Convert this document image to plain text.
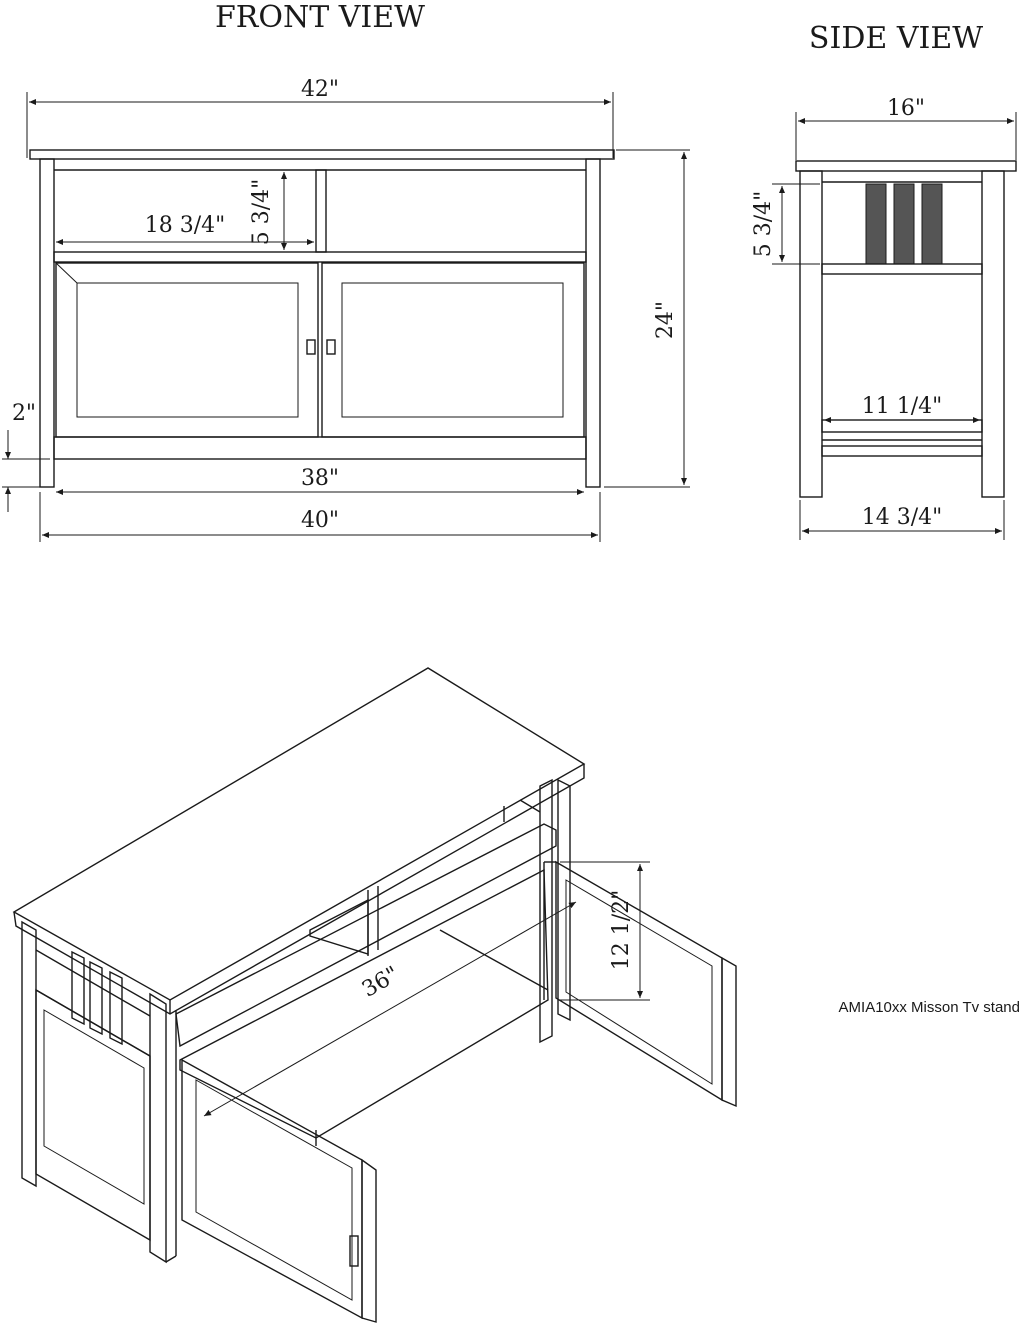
FRONT VIEW
42"
18 3/4" 5 3/4"
24"
2"
38"
40"
SIDE VIEW
16"
5 3/4"
11 1/4"
14 3/4"
36"
12 1/2"
AMIA10xx Misson Tv stand
